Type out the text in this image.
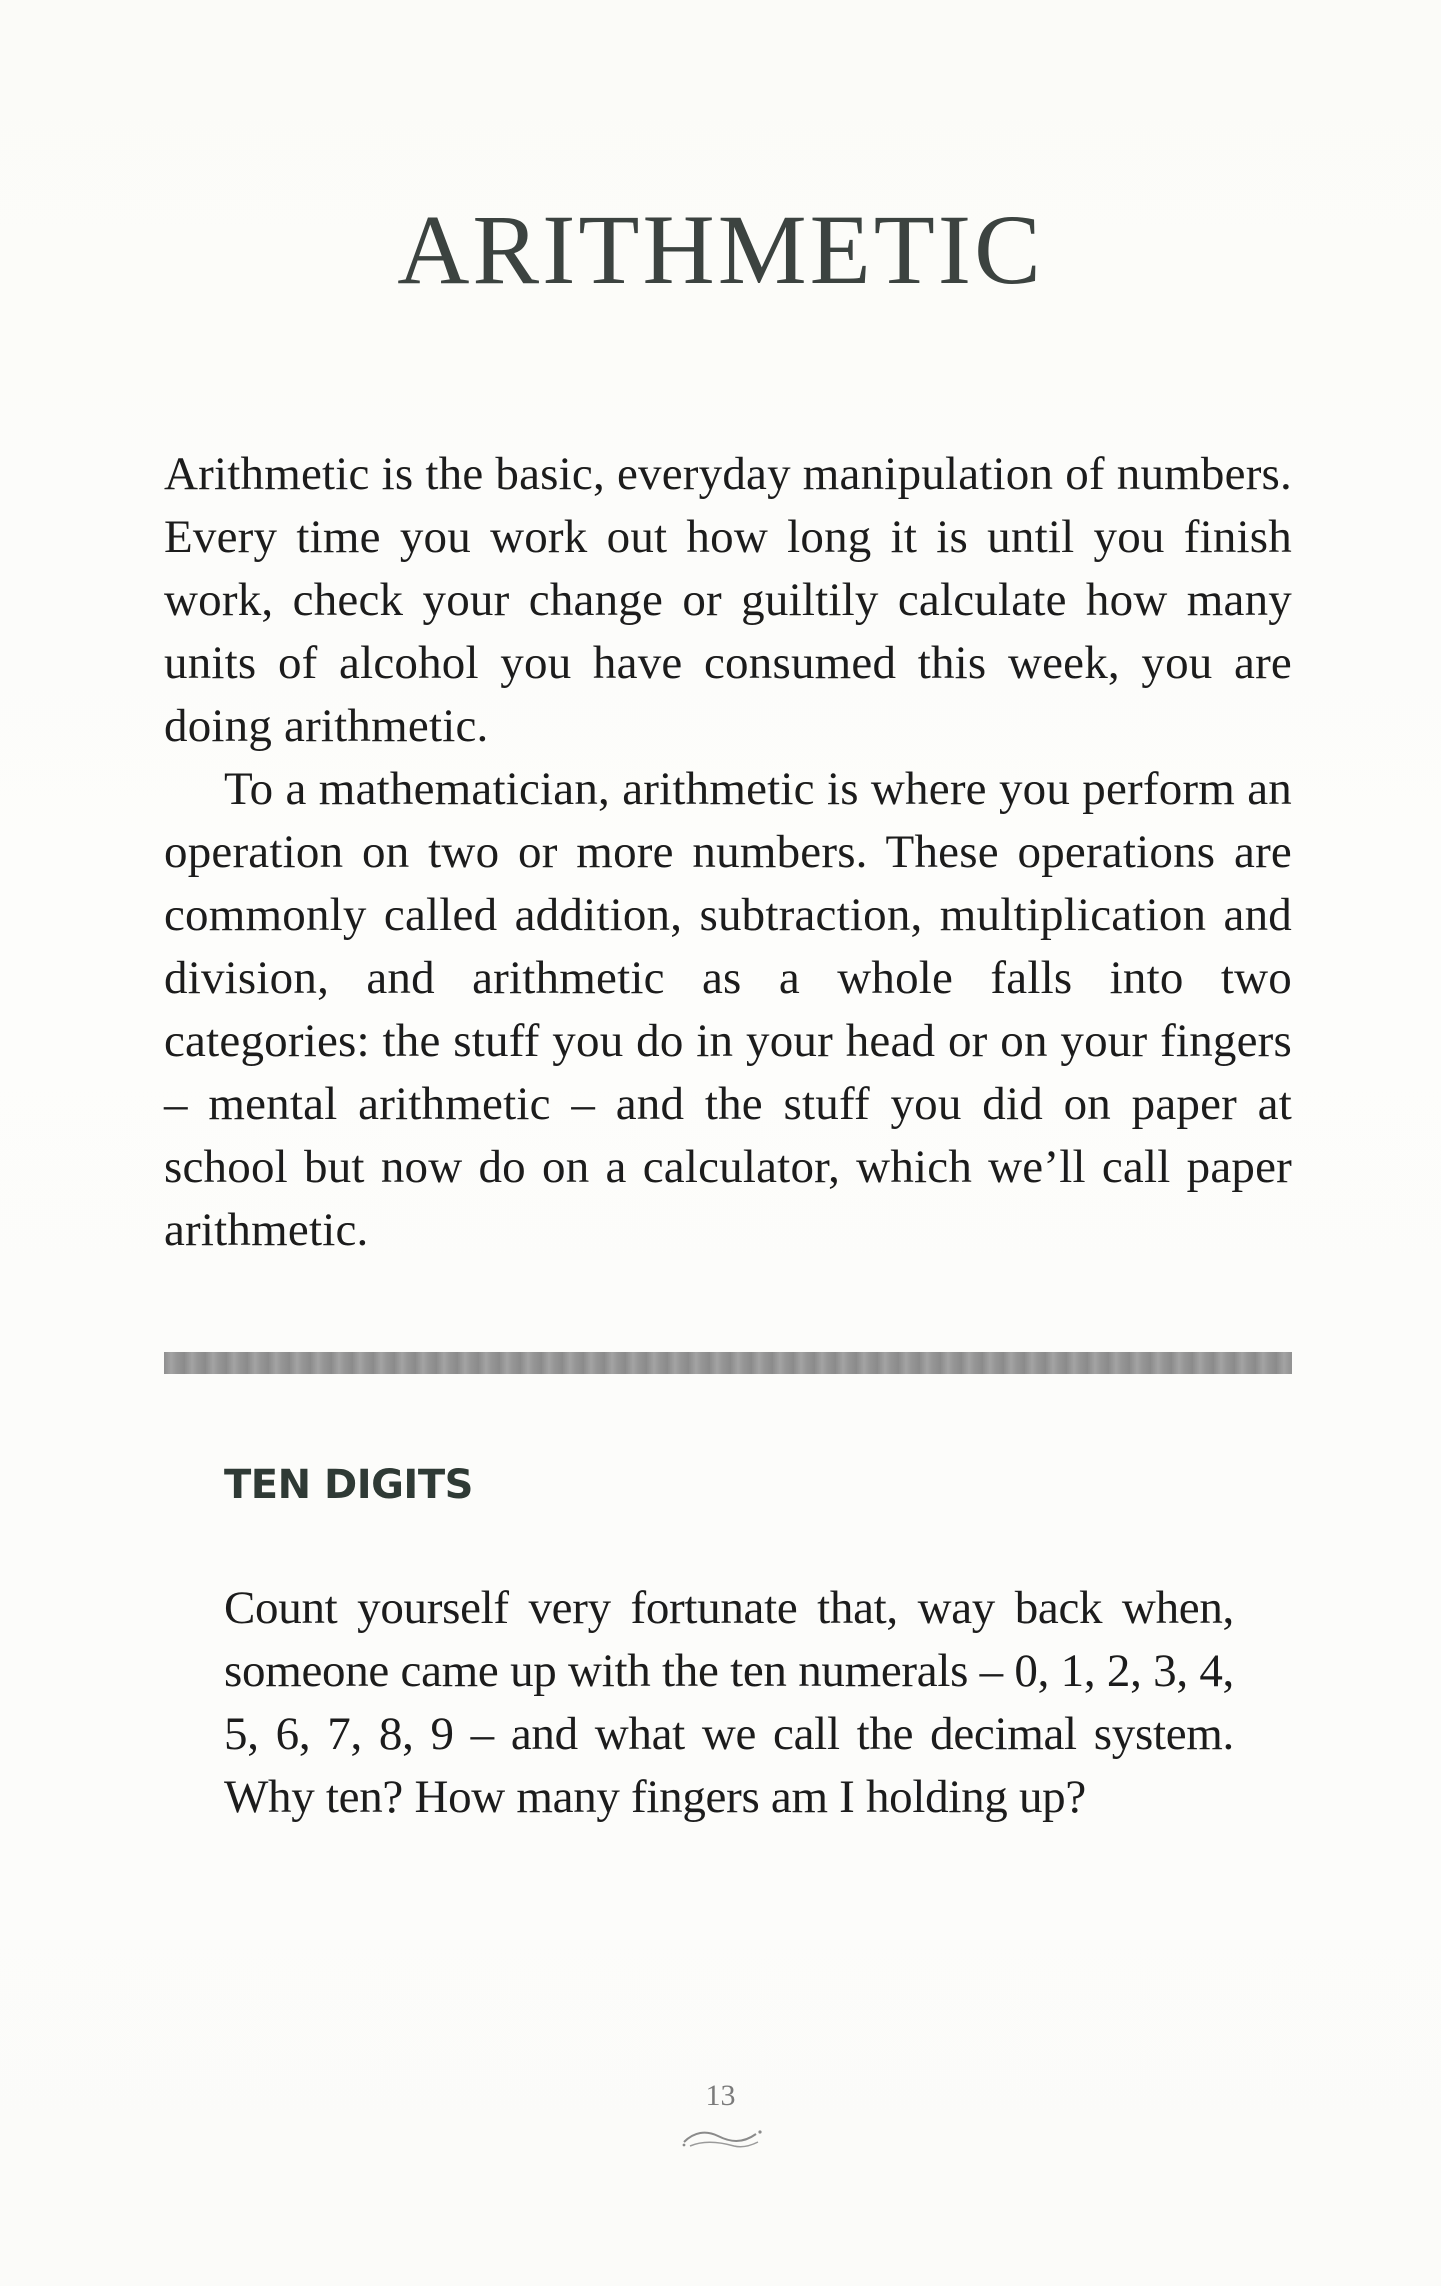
ARITHMETIC

Arithmetic is the basic, everyday manipulation of numbers. Every time you work out how long it is until you finish work, check your change or guiltily calculate how many units of alcohol you have consumed this week, you are doing arithmetic.

To a mathematician, arithmetic is where you perform an operation on two or more numbers. These operations are commonly called addition, subtraction, multiplication and division, and arithmetic as a whole falls into two categories: the stuff you do in your head or on your fingers – mental arithmetic – and the stuff you did on paper at school but now do on a calculator, which we’ll call paper arithmetic.

TEN DIGITS

Count yourself very fortunate that, way back when, someone came up with the ten numerals – 0, 1, 2, 3, 4, 5, 6, 7, 8, 9 – and what we call the decimal system. Why ten? How many fingers am I holding up?

13
